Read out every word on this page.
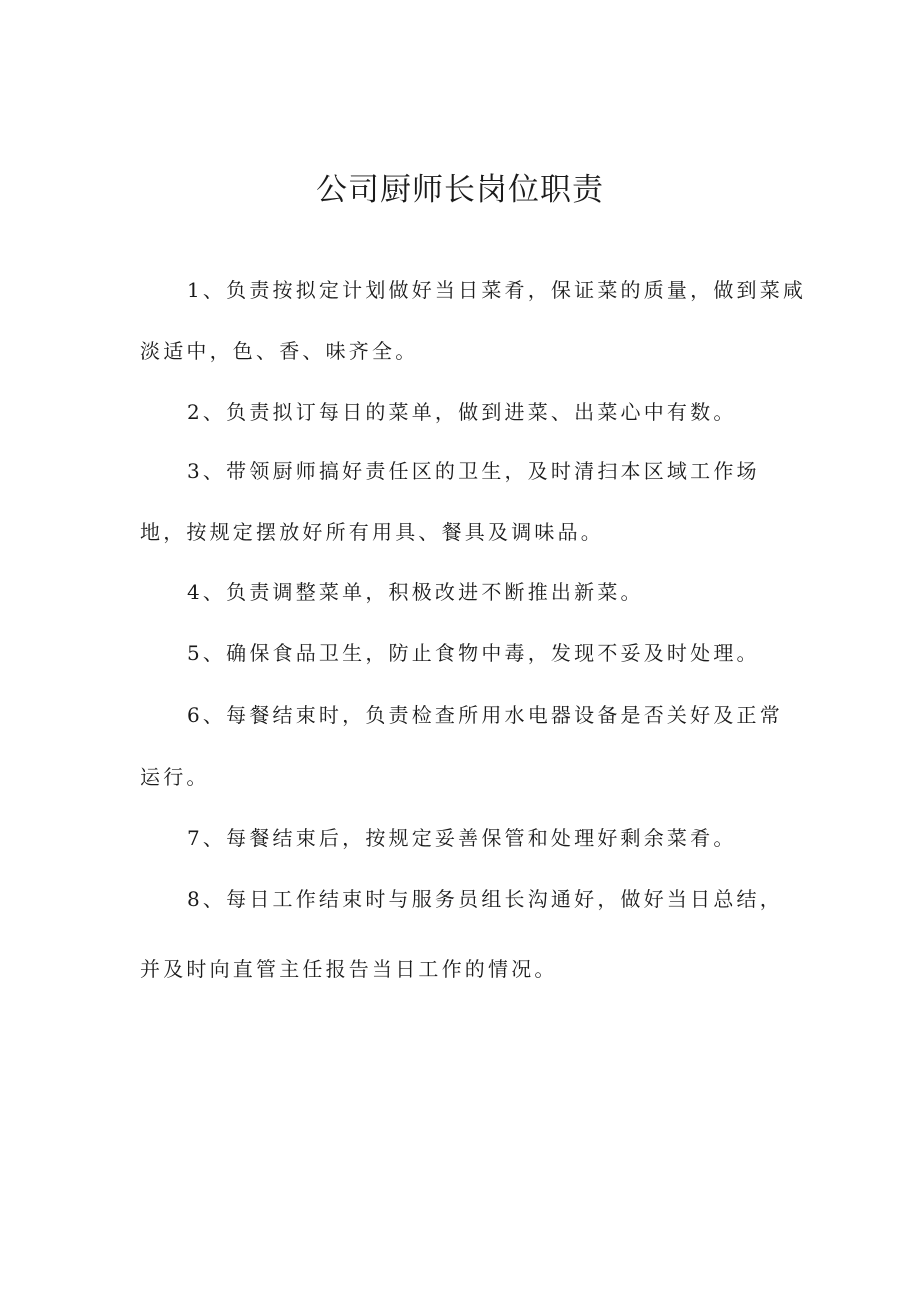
公司厨师长岗位职责
1、负责按拟定计划做好当日菜肴，保证菜的质量，做到菜咸
淡适中，色、香、味齐全。
2、负责拟订每日的菜单，做到进菜、出菜心中有数。
3、带领厨师搞好责任区的卫生，及时清扫本区域工作场
地，按规定摆放好所有用具、餐具及调味品。
4、负责调整菜单，积极改进不断推出新菜。
5、确保食品卫生，防止食物中毒，发现不妥及时处理。
6、每餐结束时，负责检查所用水电器设备是否关好及正常
运行。
7、每餐结束后，按规定妥善保管和处理好剩余菜肴。
8、每日工作结束时与服务员组长沟通好，做好当日总结，
并及时向直管主任报告当日工作的情况。
